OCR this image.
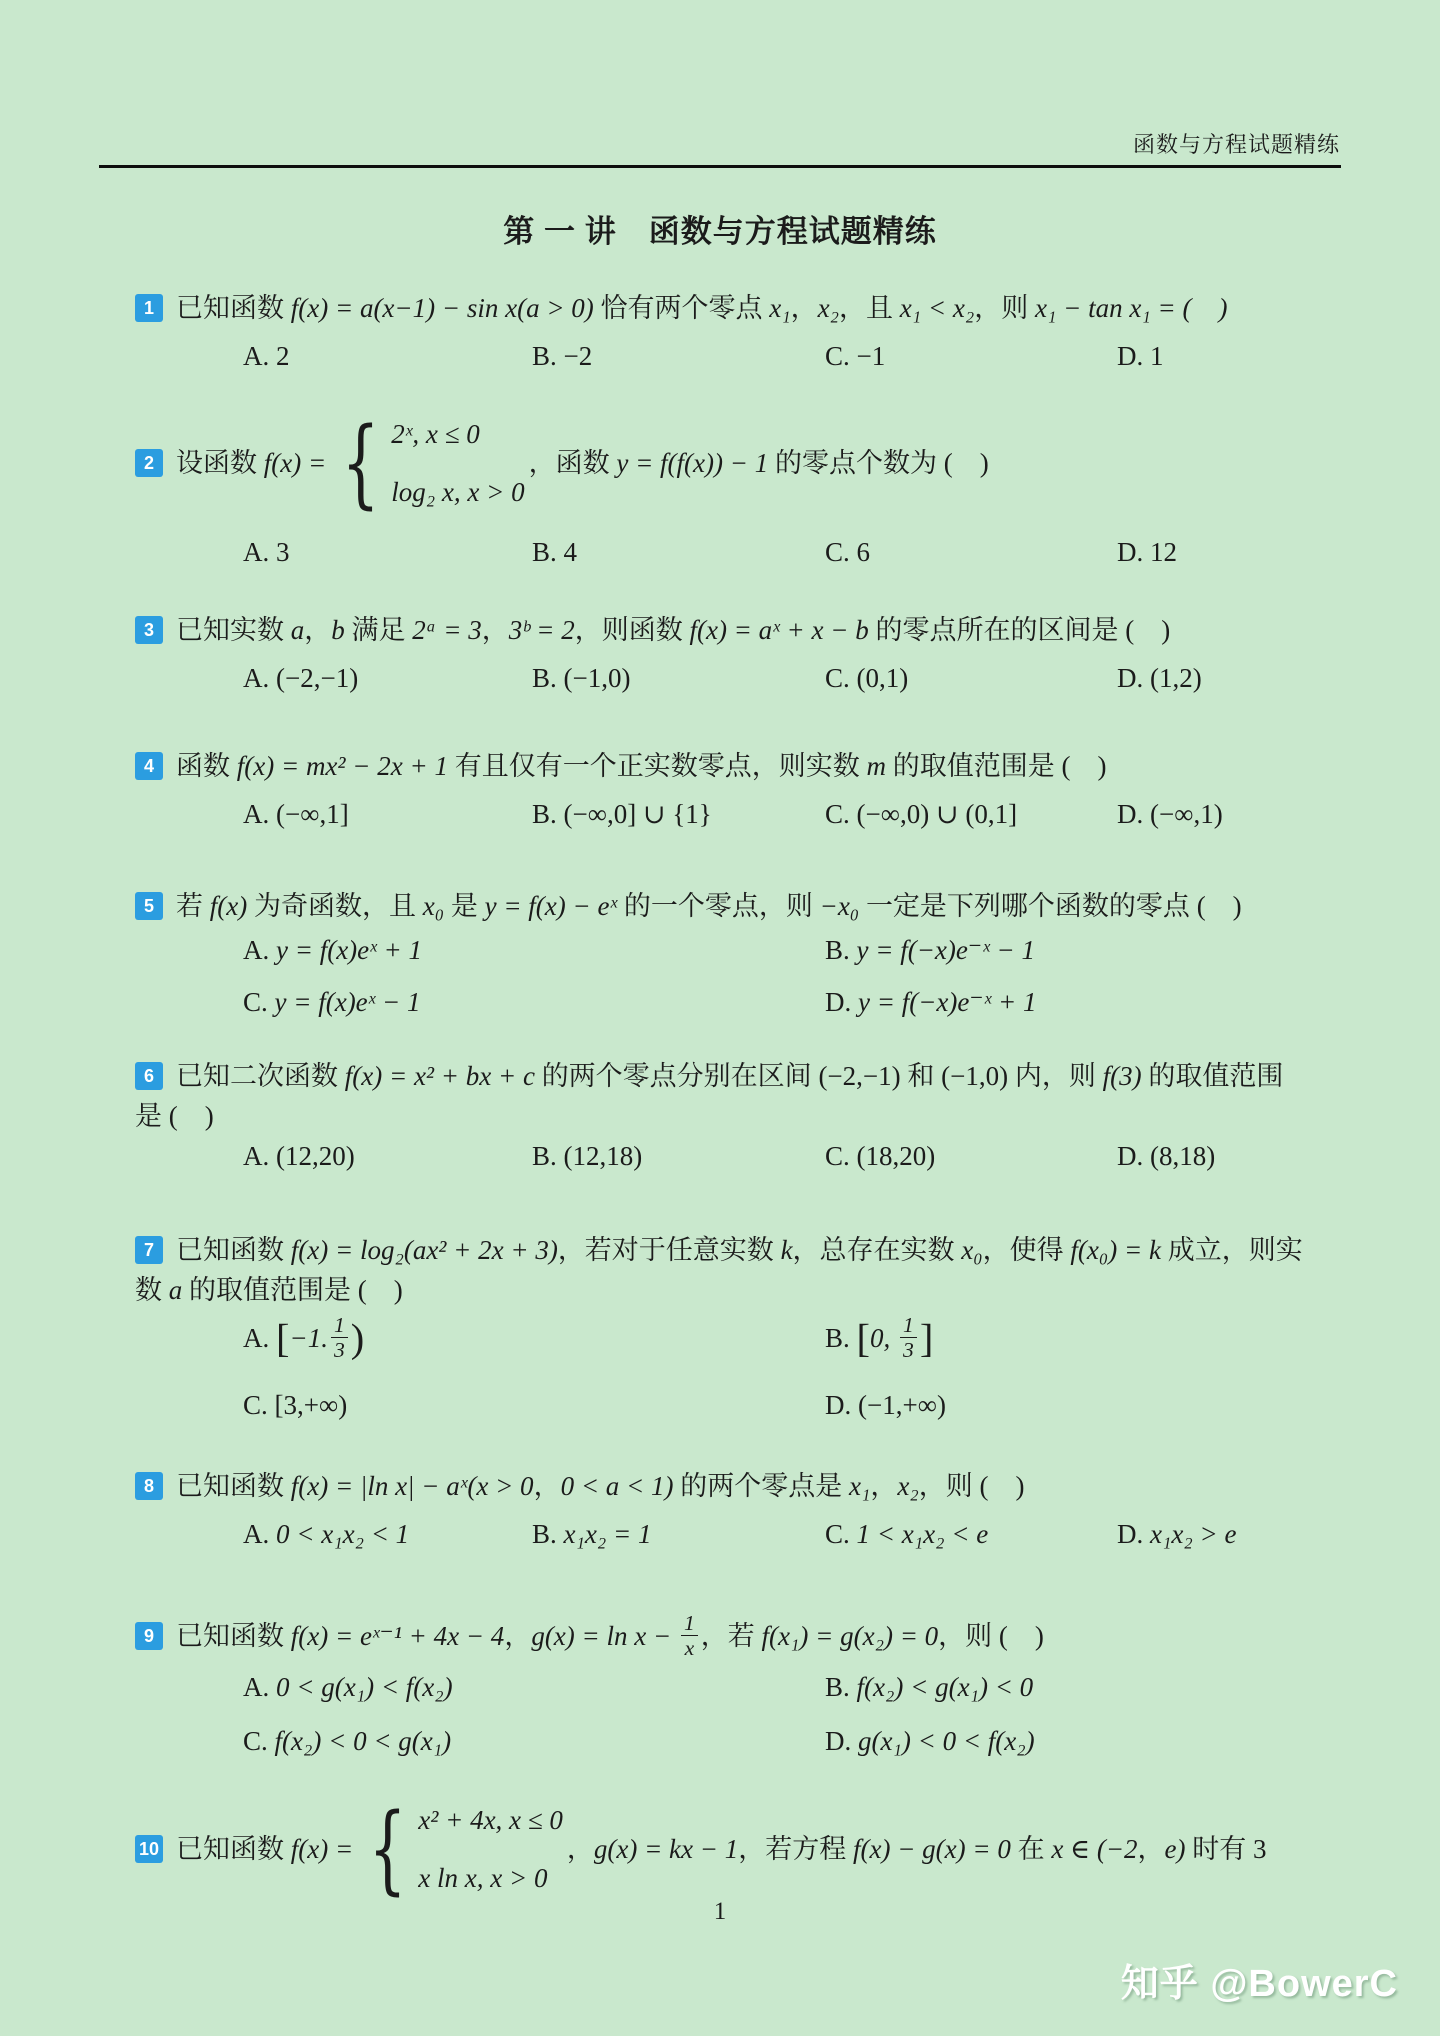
函数与方程试题精练
第 一 讲　函数与方程试题精练
1 已知函数 f(x) = a(x−1) − sin x(a > 0) 恰有两个零点 x₁，x₂，且 x₁ < x₂，则 x₁ − tan x₁ = (　)
A. 2	B. −2	C. −1	D. 1
2 设函数 f(x) = { 2ˣ, x ≤ 0
log₂ x, x > 0
，函数 y = f(f(x)) − 1 的零点个数为 (　)
A. 3	B. 4	C. 6	D. 12
3 已知实数 a，b 满足 2ᵃ = 3，3ᵇ = 2，则函数 f(x) = aˣ + x − b 的零点所在的区间是 (　)
A. (−2,−1)	B. (−1,0)	C. (0,1)	D. (1,2)
4 函数 f(x) = mx² − 2x + 1 有且仅有一个正实数零点，则实数 m 的取值范围是 (　)
A. (−∞,1]	B. (−∞,0] ∪ {1}	C. (−∞,0) ∪ (0,1]	D. (−∞,1)
5 若 f(x) 为奇函数，且 x₀ 是 y = f(x) − eˣ 的一个零点，则 −x₀ 一定是下列哪个函数的零点 (　)
A. y = f(x)eˣ + 1	B. y = f(−x)e⁻ˣ − 1
C. y = f(x)eˣ − 1	D. y = f(−x)e⁻ˣ + 1
6 已知二次函数 f(x) = x² + bx + c 的两个零点分别在区间 (−2,−1) 和 (−1,0) 内，则 f(3) 的取值范围
是 (　)
A. (12,20)	B. (12,18)	C. (18,20)	D. (8,18)
7 已知函数 f(x) = log₂(ax² + 2x + 3)，若对于任意实数 k，总存在实数 x₀，使得 f(x₀) = k 成立，则实
数 a 的取值范围是 (　)
A. [−1. $\frac{1}{3}$ )	B. [0, $\frac{1}{3}$ ]
C. [3,+∞)	D. (−1,+∞)
8 已知函数 f(x) = |ln x| − aˣ(x > 0，0 < a < 1) 的两个零点是 x₁，x₂，则 (　)
A. 0 < x₁x₂ < 1	B. x₁x₂ = 1	C. 1 < x₁x₂ < e	D. x₁x₂ > e
9 已知函数 f(x) = eˣ⁻¹ + 4x − 4，$g(x) = \ln x - \frac{1}{x}$ ，若 f(x₁) = g(x₂) = 0，则 (　)
A. 0 < g(x₁) < f(x₂)	B. f(x₂) < g(x₁) < 0
C. f(x₂) < 0 < g(x₁)	D. g(x₁) < 0 < f(x₂)
10 已知函数 f(x) = { x² + 4x, x ≤ 0
x ln x, x > 0
，g(x) = kx − 1，若方程 f(x) − g(x) = 0 在 x ∈ (−2，e) 时有 3
1
知乎 @BowerC
